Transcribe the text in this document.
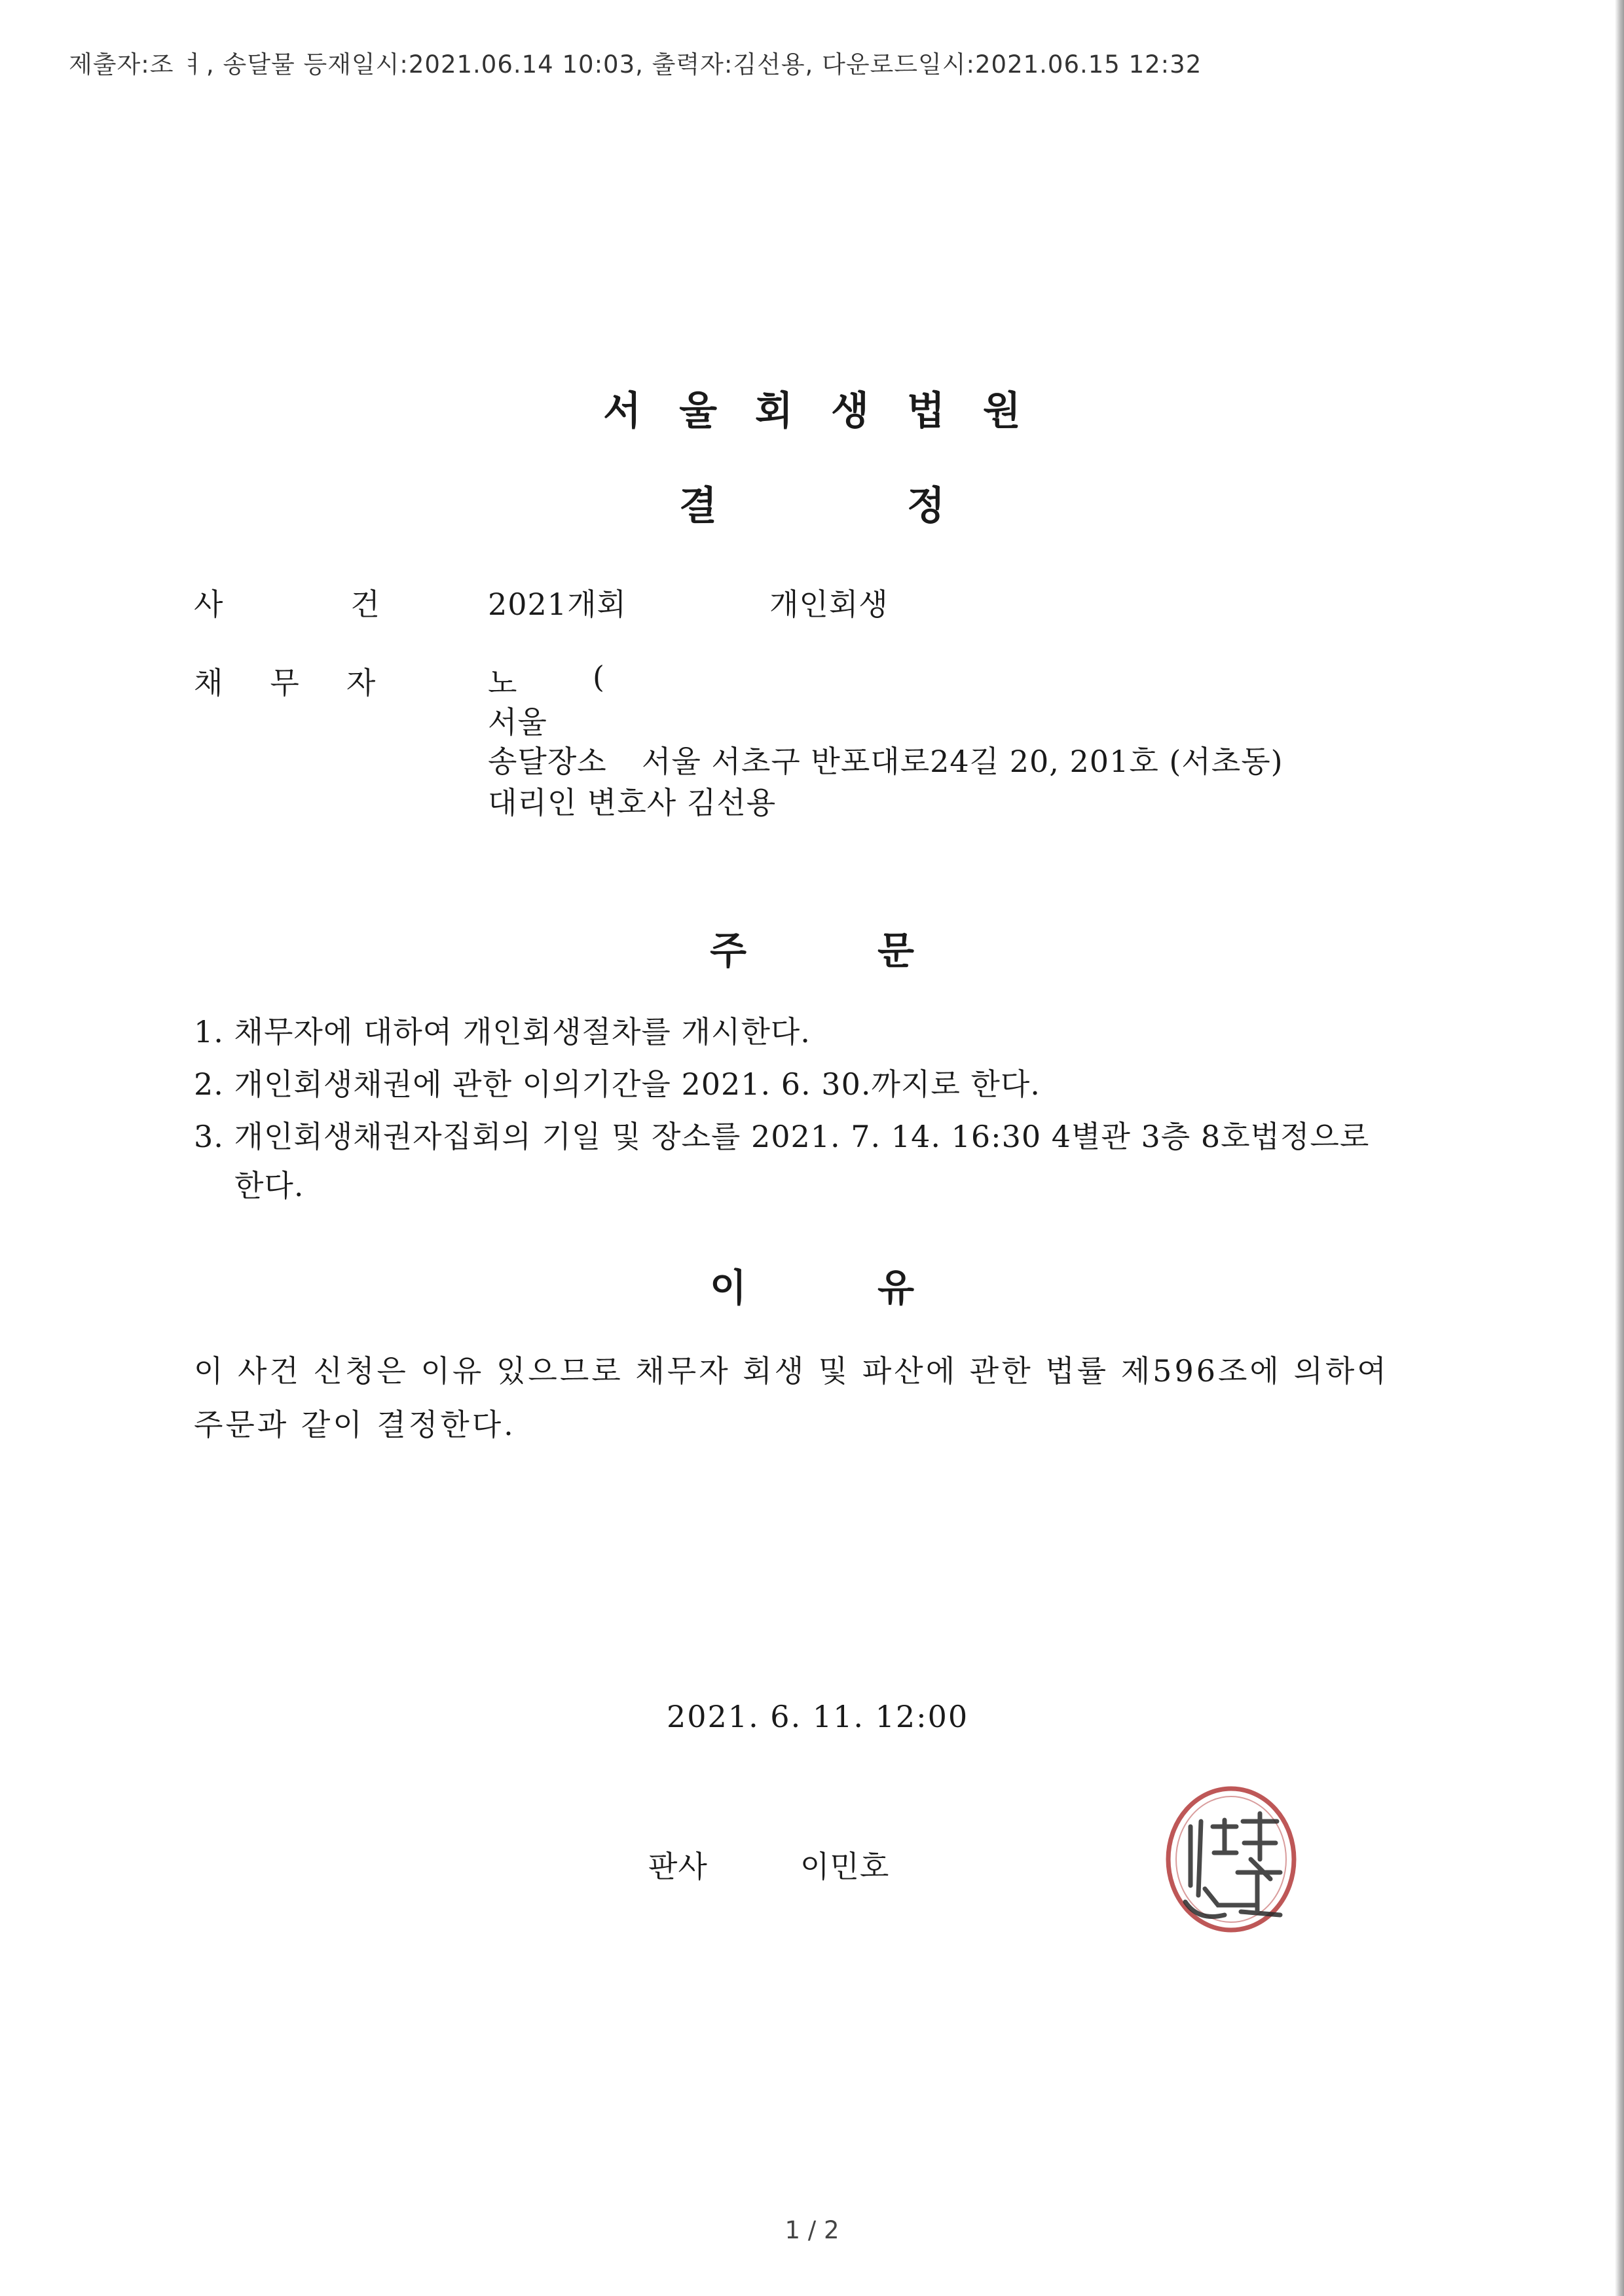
제출자:조 ㅕ, 송달물 등재일시:2021.06.14 10:03, 출력자:김선용, 다운로드일시:2021.06.15 12:32
서울회생법원
결정
사건
2021개회	개인회생
채무자 노 (
서울
송달장소 서울 서초구 반포대로24길 20, 201호 (서초동)
대리인 변호사 김선용
주문
1. 채무자에 대하여 개인회생절차를 개시한다.
2. 개인회생채권에 관한 이의기간을 2021. 6. 30.까지로 한다.
3. 개인회생채권자집회의 기일 및 장소를 2021. 7. 14. 16:30 4별관 3층 8호법정으로
한다.
이유
이 사건 신청은 이유 있으므로 채무자 회생 및 파산에 관한 법률 제596조에 의하여
주문과 같이 결정한다.
2021. 6. 11. 12:00
판사	이민호
1 / 2
